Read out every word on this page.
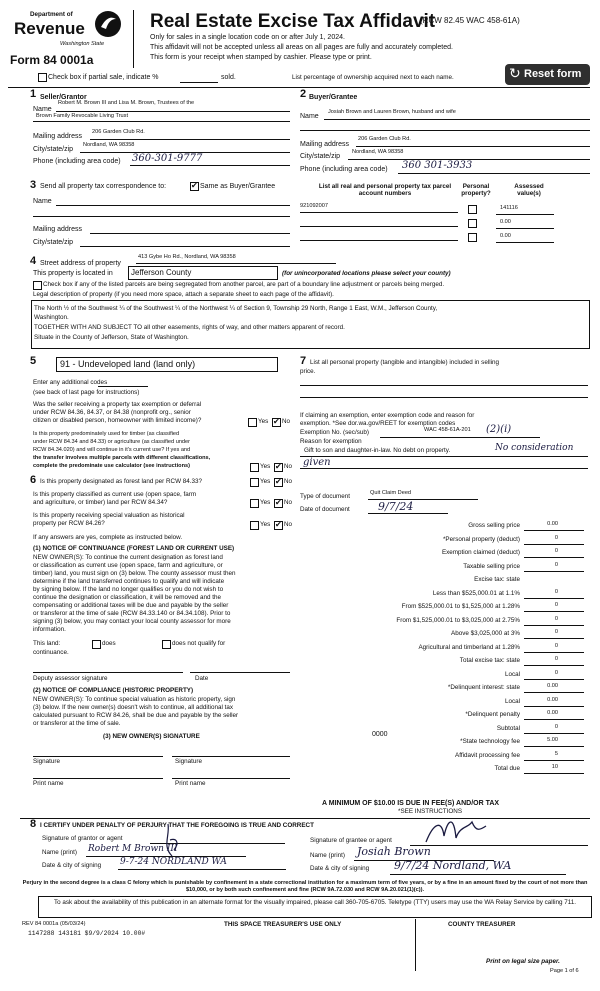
Department of
Revenue
Washington State
Form 84 0001a
Real Estate Excise Tax Affidavit
(RCW 82.45 WAC 458-61A)
Only for sales in a single location code on or after July 1, 2024.
This affidavit will not be accepted unless all areas on all pages are fully and accurately completed.
This form is your receipt when stamped by cashier. Please type or print.
Check box if partial sale, indicate %	sold.	List percentage of ownership acquired next to each name.	↻ Reset form
1 Seller/Grantor
Name
Robert M. Brown III and Lisa M. Brown, Trustees of the
Brown Family Revocable Living Trust
Mailing address
206 Garden Club Rd.
City/state/zip
Nordland, WA 98358
Phone (including area code) 360-301-9777
2 Buyer/Grantee
Name
Josiah Brown and Lauren Brown, husband and wife
Mailing address
206 Garden Club Rd.
City/state/zip
Nordland, WA 98358
Phone (including area code) 360 301-3933
3 Send all property tax correspondence to: ✔	Same as Buyer/Grantee
Name
Mailing address
City/state/zip
List all real and personal property tax parcel account numbers
Personal property?
Assessed value(s)
921092007	141116
0.00
0.00
4 Street address of property
413 Gybe Ho Rd., Nordland, WA 98358
This property is located in Jefferson County	(for unincorporated locations please select your county)
Check box if any of the listed parcels are being segregated from another parcel, are part of a boundary line adjustment or parcels being merged.
Legal description of property (if you need more space, attach a separate sheet to each page of the affidavit).
The North ½ of the Southwest ¼ of the Southwest ¼ of the Northwest ¼ of Section 9, Township 29 North, Range 1 East, W.M., Jefferson County,
Washington.
TOGETHER WITH AND SUBJECT TO all other easements, rights of way, and other matters apparent of record.
Situate in the County of Jefferson, State of Washington.
5	91 - Undeveloped land (land only)
Enter any additional codes
(see back of last page for instructions)
Was the seller receiving a property tax exemption or deferral
under RCW 84.36, 84.37, or 84.38 (nonprofit org., senior
citizen or disabled person, homeowner with limited income)?	Yes ✔ No
Is this property predominately used for timber (as classified
under RCW 84.34 and 84.33) or agriculture (as classified under
RCW 84.34.020) and will continue in it's current use? If yes and
the transfer involves multiple parcels with different classifications,
complete the predominate use calculator (see instructions)	Yes ✔ No
6 Is this property designated as forest land per RCW 84.33?	Yes ✔ No
Is this property classified as current use (open space, farm
and agriculture, or timber) land per RCW 84.34?	Yes ✔ No
Is this property receiving special valuation as historical
property per RCW 84.26?	Yes ✔ No
If any answers are yes, complete as instructed below.
(1) NOTICE OF CONTINUANCE (FOREST LAND OR CURRENT USE)
NEW OWNER(S): To continue the current designation as forest land
or classification as current use (open space, farm and agriculture, or
timber) land, you must sign on (3) below. The county assessor must then
determine if the land transferred continues to qualify and will indicate
by signing below. If the land no longer qualifies or you do not wish to
continue the designation or classification, it will be removed and the
compensating or additional taxes will be due and payable by the seller
or transferor at the time of sale (RCW 84.33.140 or 84.34.108). Prior to
signing (3) below, you may contact your local county assessor for more
information.
This land:	does	does not qualify for
continuance.
Deputy assessor signature	Date
(2) NOTICE OF COMPLIANCE (HISTORIC PROPERTY)
NEW OWNER(S): To continue special valuation as historic property, sign
(3) below. If the new owner(s) doesn't wish to continue, all additional tax
calculated pursuant to RCW 84.26, shall be due and payable by the seller
or transferor at the time of sale.
(3) NEW OWNER(S) SIGNATURE
Signature	Signature
Print name	Print name
7 List all personal property (tangible and intangible) included in selling
price.
If claiming an exemption, enter exemption code and reason for
exemption. *See dor.wa.gov/REET for exemption codes
Exemption No. (sec/sub)	WAC 458-61A-201 (2)(i)
Reason for exemption
Gift to son and daughter-in-law. No debt on property.	No consideration
given
Type of document	Quit Claim Deed
Date of document	9/7/24
Gross selling price	0.00
*Personal property (deduct)	0
Exemption claimed (deduct)	0
Taxable selling price	0
Excise tax: state
Less than $525,000.01 at 1.1%	0
From $525,000.01 to $1,525,000 at 1.28%	0
From $1,525,000.01 to $3,025,000 at 2.75%	0
Above $3,025,000 at 3%	0
Agricultural and timberland at 1.28%	0
Total excise tax: state	0
Local	0
*Delinquent interest: state	0.00
Local	0.00
*Delinquent penalty	0.00
Subtotal	0
*State technology fee	5.00
Affidavit processing fee	5
Total due	10
0000
A MINIMUM OF $10.00 IS DUE IN FEE(S) AND/OR TAX
*SEE INSTRUCTIONS
8 I CERTIFY UNDER PENALTY OF PERJURY THAT THE FOREGOING IS TRUE AND CORRECT
Signature of grantor or agent
Name (print) Robert M Brown III
Date & city of signing 9-7-24 NORDLAND WA
Signature of grantee or agent
Name (print) Josiah Brown
Date & city of signing 9/7/24 Nordland, WA
Perjury in the second degree is a class C felony which is punishable by confinement in a state correctional institution for a maximum term of five years, or by a fine in an amount fixed by the court of not more than $10,000, or by both such confinement and fine (RCW 9A.72.030 and RCW 9A.20.021(1)(c)).
To ask about the availability of this publication in an alternate format for the visually impaired, please call 360-705-6705. Teletype (TTY) users may use the WA Relay Service by calling 711.
REV 84 0001a (05/03/24)
1147288 143181 $9/9/2024 10.00#
THIS SPACE TREASURER'S USE ONLY	COUNTY TREASURER
Print on legal size paper.
Page 1 of 6
